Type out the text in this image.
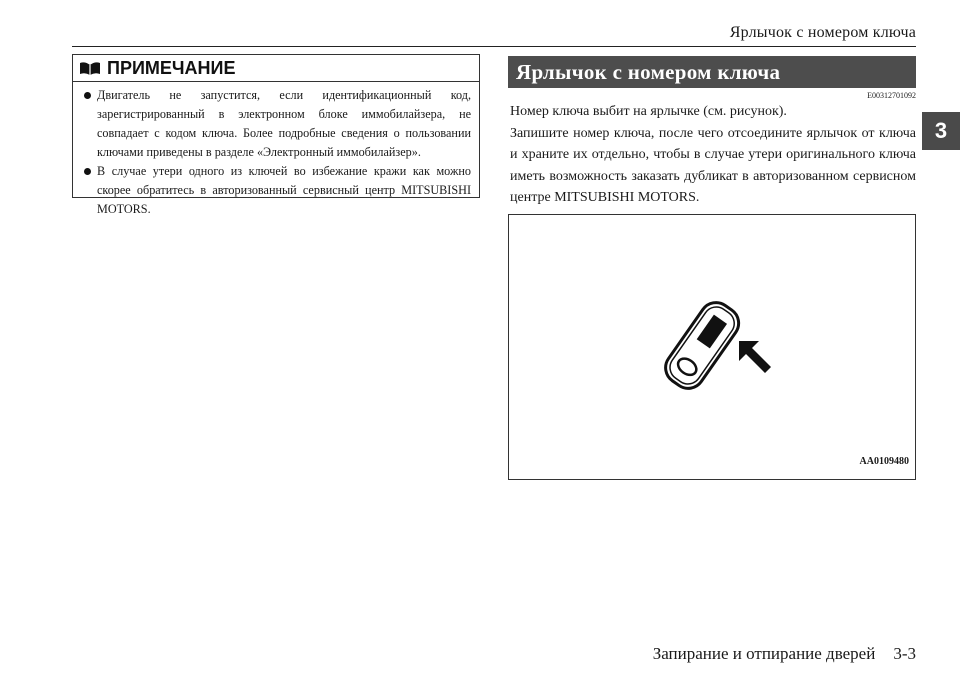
Ярлычок с номером ключа
3
ПРИМЕЧАНИЕ
Двигатель не запустится, если идентификационный код, зарегистрированный в электронном блоке иммобилайзера, не совпадает с кодом ключа. Более подробные сведения о пользовании ключами приведены в разделе «Электронный иммобилайзер».
В случае утери одного из ключей во избежание кражи как можно скорее обратитесь в авторизованный сервисный центр MITSUBISHI MOTORS.
Ярлычок с номером ключа
E00312701092

Номер ключа выбит на ярлычке (см. рисунок).

Запишите номер ключа, после чего отсоедините ярлычок от ключа и храните их отдельно, чтобы в случае утери оригинального ключа иметь возможность заказать дубликат в авторизованном сервисном центре MITSUBISHI MOTORS.

AA0109480
Запирание и отпирание дверей 3-3
